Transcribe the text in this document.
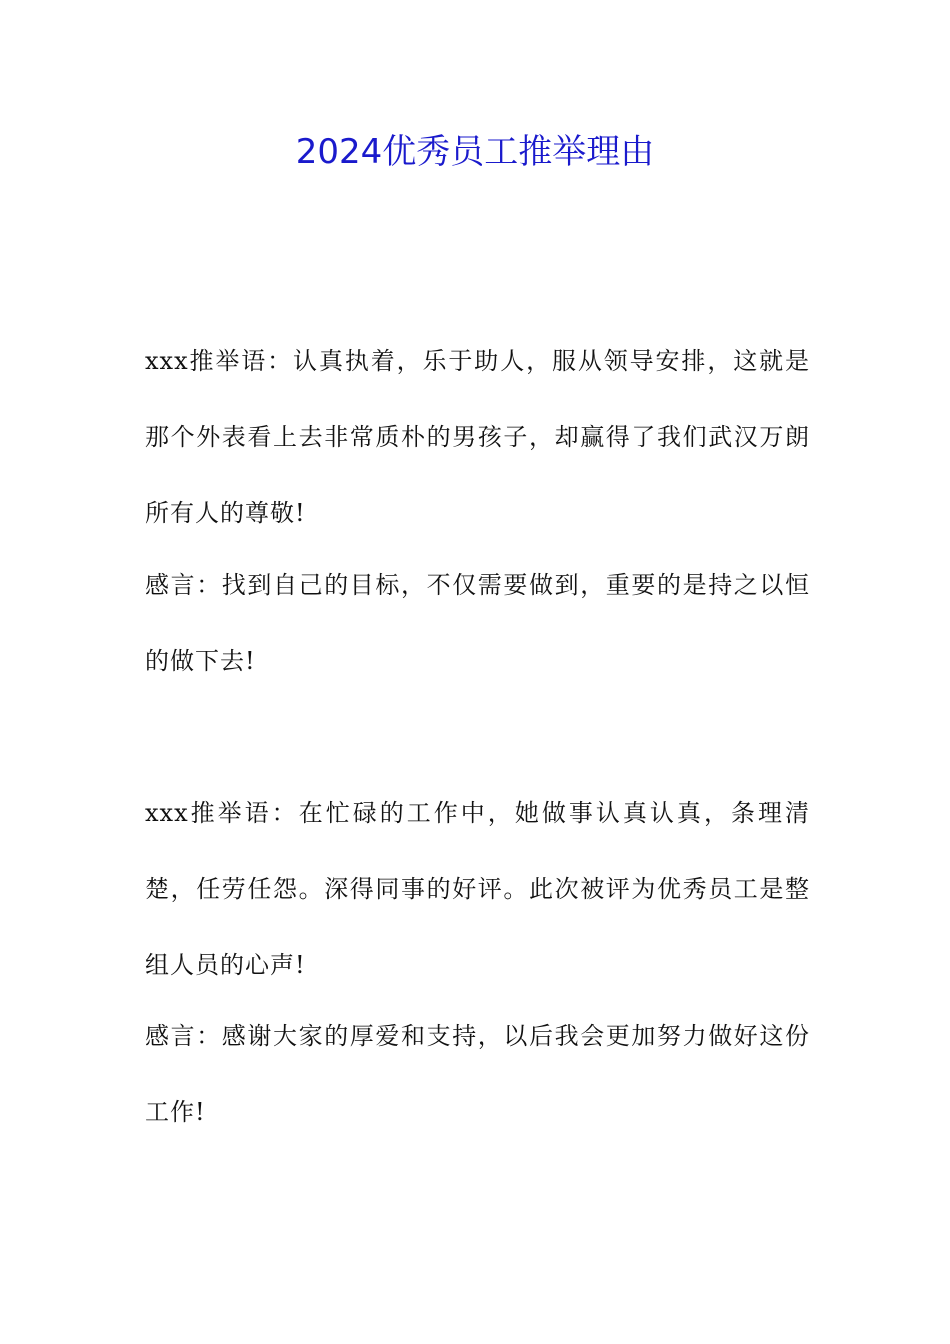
2024优秀员工推举理由
xxx推举语：认真执着，乐于助人，服从领导安排，这就是那个外表看上去非常质朴的男孩子，却赢得了我们武汉万朗所有人的尊敬!
感言：找到自己的目标，不仅需要做到，重要的是持之以恒的做下去!
xxx推举语：在忙碌的工作中，她做事认真认真，条理清楚，任劳任怨。深得同事的好评。此次被评为优秀员工是整组人员的心声!
感言：感谢大家的厚爱和支持，以后我会更加努力做好这份工作!
